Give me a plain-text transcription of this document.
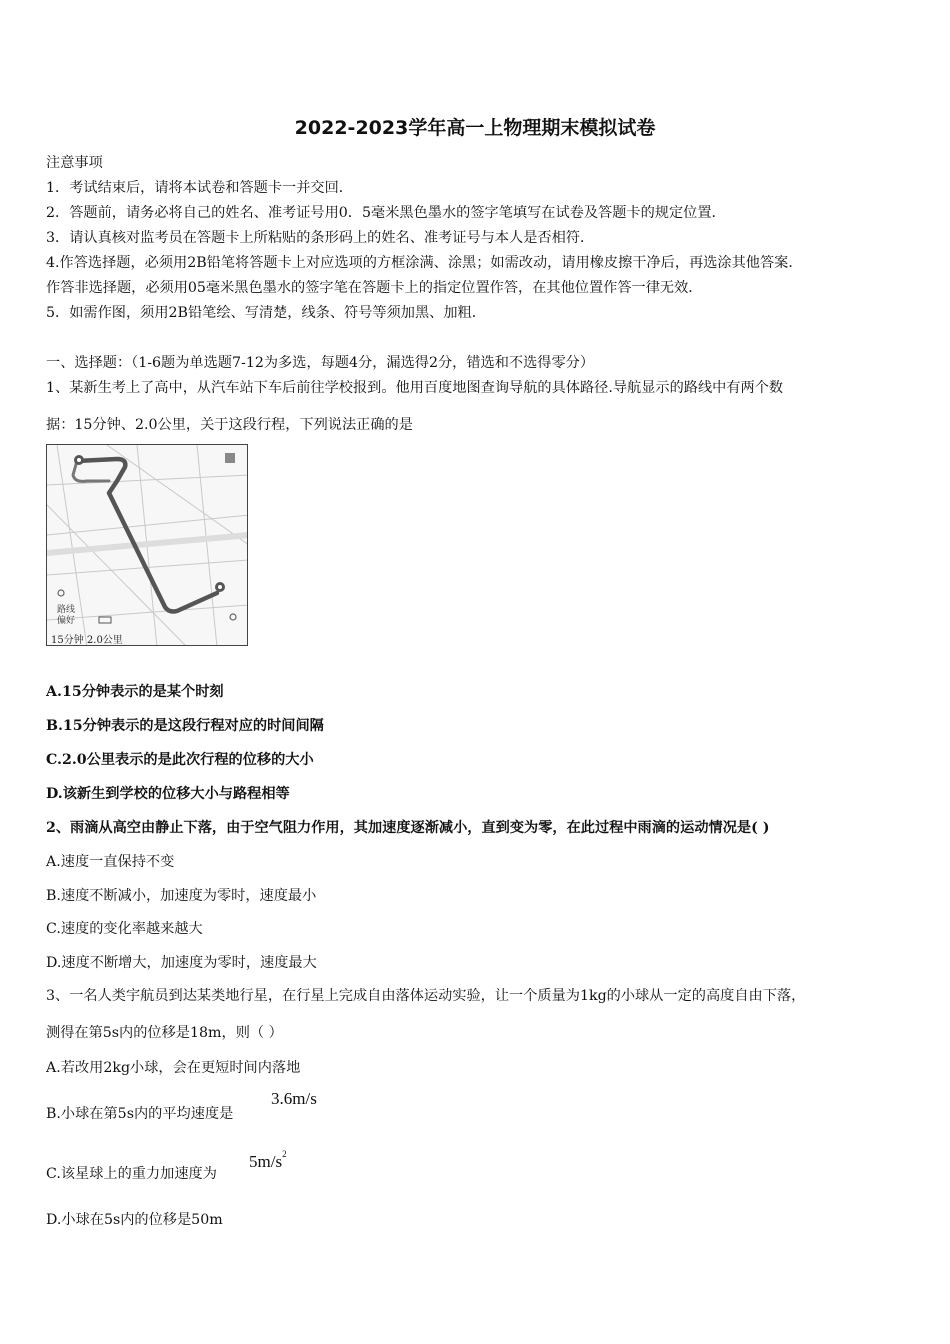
2022-2023学年高一上物理期末模拟试卷
注意事项
1．考试结束后，请将本试卷和答题卡一并交回．
2．答题前，请务必将自己的姓名、准考证号用0．5毫米黑色墨水的签字笔填写在试卷及答题卡的规定位置．
3．请认真核对监考员在答题卡上所粘贴的条形码上的姓名、准考证号与本人是否相符．
4.作答选择题，必须用2B铅笔将答题卡上对应选项的方框涂满、涂黑；如需改动，请用橡皮擦干净后，再选涂其他答案．
作答非选择题，必须用05毫米黑色墨水的签字笔在答题卡上的指定位置作答，在其他位置作答一律无效．
5．如需作图，须用2B铅笔绘、写清楚，线条、符号等须加黑、加粗．
一、选择题：（1-6题为单选题7-12为多选，每题4分，漏选得2分，错选和不选得零分）
1、某新生考上了高中，从汽车站下车后前往学校报到。他用百度地图查询导航的具体路径.导航显示的路线中有两个数
据：15分钟、2.0公里，关于这段行程，下列说法正确的是
路线
偏好
15分钟 2.0公里
A.15分钟表示的是某个时刻
B.15分钟表示的是这段行程对应的时间间隔
C.2.0公里表示的是此次行程的位移的大小
D.该新生到学校的位移大小与路程相等
2、雨滴从高空由静止下落，由于空气阻力作用，其加速度逐渐减小，直到变为零，在此过程中雨滴的运动情况是( )
A.速度一直保持不变
B.速度不断减小，加速度为零时，速度最小
C.速度的变化率越来越大
D.速度不断增大，加速度为零时，速度最大
3、一名人类宇航员到达某类地行星，在行星上完成自由落体运动实验，让一个质量为1kg的小球从一定的高度自由下落，
测得在第5s内的位移是18m，则（ ）
A.若改用2kg小球，会在更短时间内落地
B.小球在第5s内的平均速度是
3.6m/s
C.该星球上的重力加速度为
$5m/s^2$
D.小球在5s内的位移是50m
